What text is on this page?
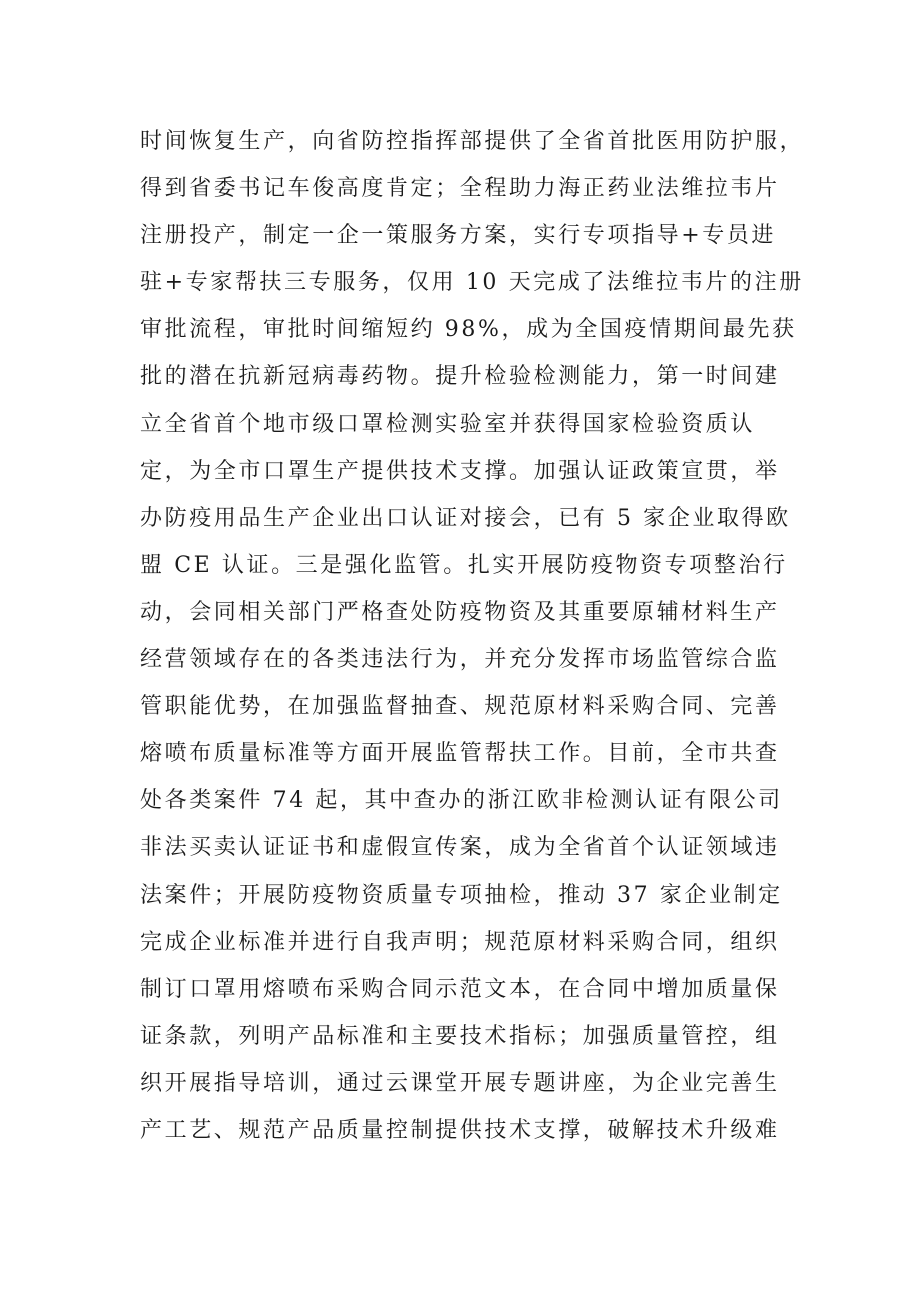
时间恢复生产，向省防控指挥部提供了全省首批医用防护服，
得到省委书记车俊高度肯定；全程助力海正药业法维拉韦片
注册投产，制定一企一策服务方案，实行专项指导+专员进
驻+专家帮扶三专服务，仅用 10 天完成了法维拉韦片的注册
审批流程，审批时间缩短约 98%，成为全国疫情期间最先获
批的潜在抗新冠病毒药物。提升检验检测能力，第一时间建
立全省首个地市级口罩检测实验室并获得国家检验资质认
定，为全市口罩生产提供技术支撑。加强认证政策宣贯，举
办防疫用品生产企业出口认证对接会，已有 5 家企业取得欧
盟 CE 认证。三是强化监管。扎实开展防疫物资专项整治行
动，会同相关部门严格查处防疫物资及其重要原辅材料生产
经营领域存在的各类违法行为，并充分发挥市场监管综合监
管职能优势，在加强监督抽查、规范原材料采购合同、完善
熔喷布质量标准等方面开展监管帮扶工作。目前，全市共查
处各类案件 74 起，其中查办的浙江欧非检测认证有限公司
非法买卖认证证书和虚假宣传案，成为全省首个认证领域违
法案件；开展防疫物资质量专项抽检，推动 37 家企业制定
完成企业标准并进行自我声明；规范原材料采购合同，组织
制订口罩用熔喷布采购合同示范文本，在合同中增加质量保
证条款，列明产品标准和主要技术指标；加强质量管控，组
织开展指导培训，通过云课堂开展专题讲座，为企业完善生
产工艺、规范产品质量控制提供技术支撑，破解技术升级难
